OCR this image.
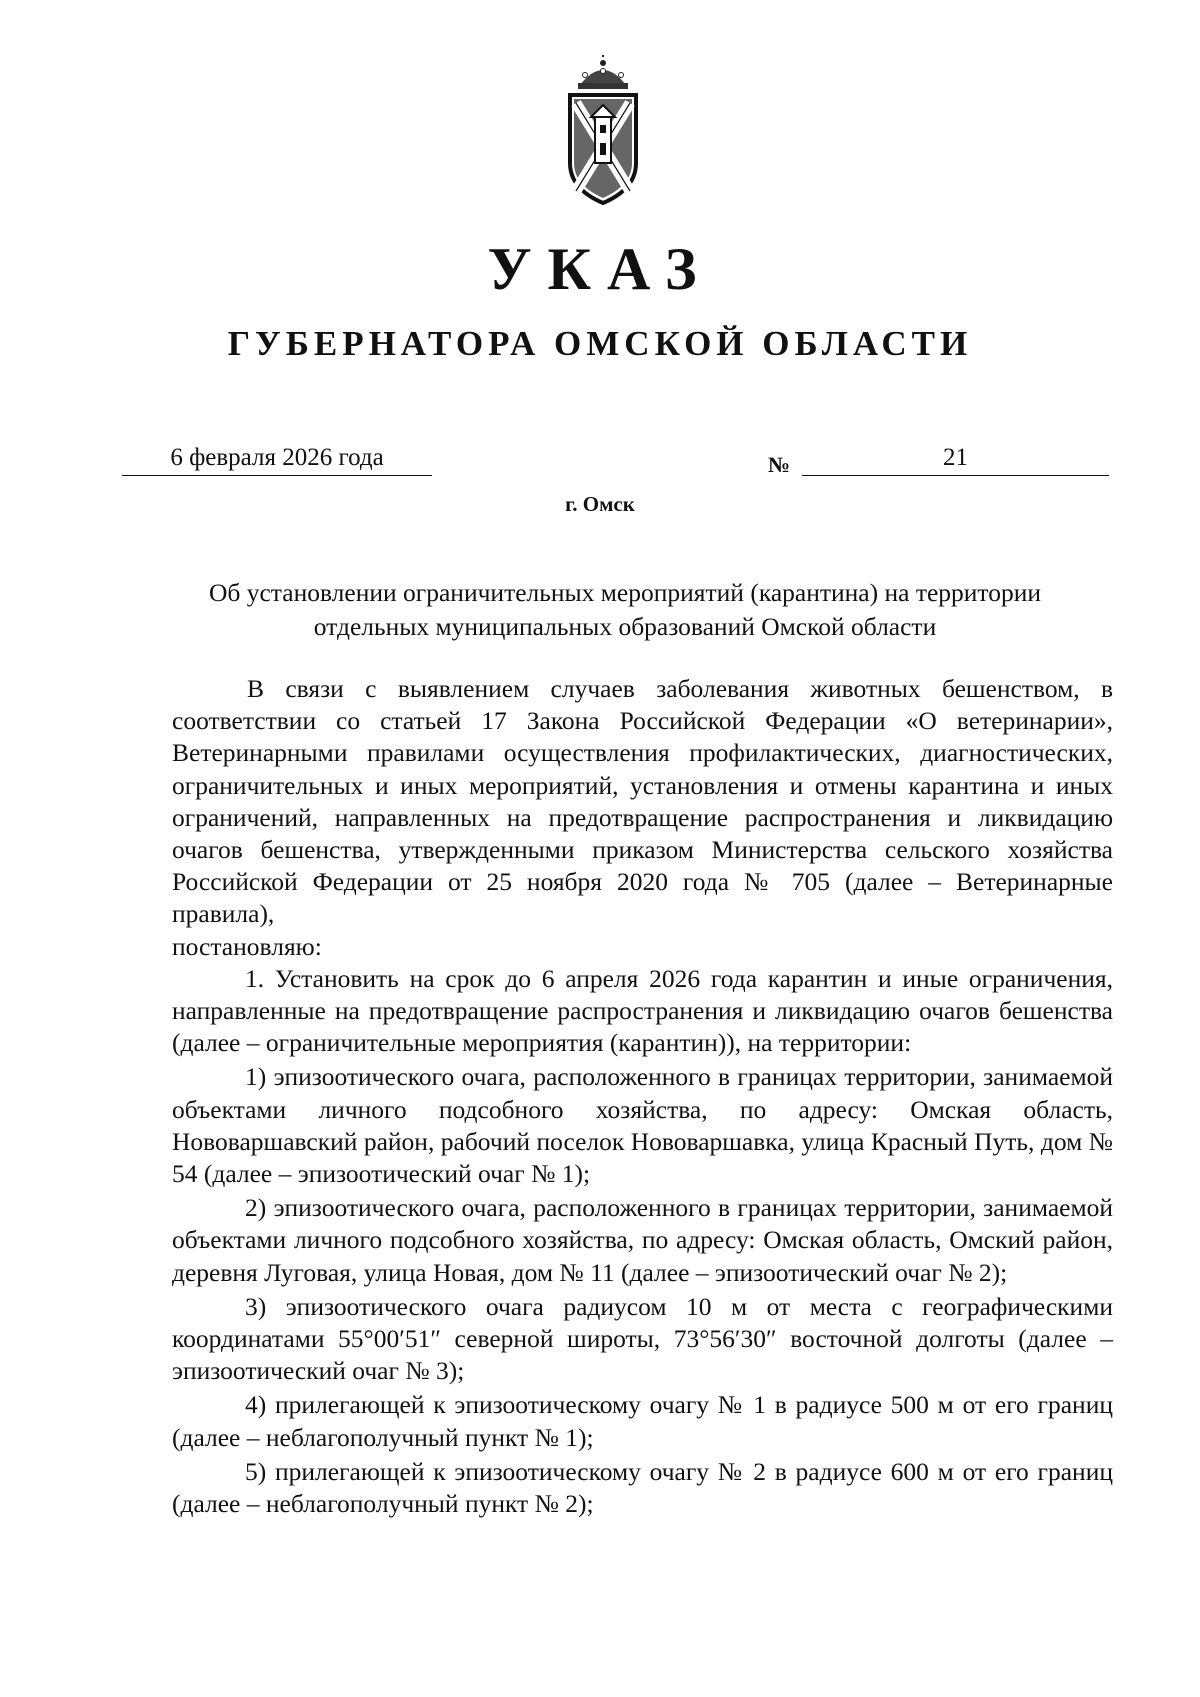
УКАЗ
ГУБЕРНАТОРА ОМСКОЙ ОБЛАСТИ
6 февраля 2026 года	№	21
г. Омск
Об установлении ограничительных мероприятий (карантина) на территории
отдельных муниципальных образований Омской области

В связи с выявлением случаев заболевания животных бешенством, в соответствии со статьей 17 Закона Российской Федерации «О ветеринарии», Ветеринарными правилами осуществления профилактических, диагностических, ограничительных и иных мероприятий, установления и отмены карантина и иных ограничений, направленных на предотвращение распространения и ликвидацию очагов бешенства, утвержденными приказом Министерства сельского хозяйства Российской Федерации от 25 ноября 2020 года № 705 (далее – Ветеринарные правила),

постановляю:

1. Установить на срок до 6 апреля 2026 года карантин и иные ограничения, направленные на предотвращение распространения и ликвидацию очагов бешенства (далее – ограничительные мероприятия (карантин)), на территории:

1) эпизоотического очага, расположенного в границах территории, занимаемой объектами личного подсобного хозяйства, по адресу: Омская область, Нововаршавский район, рабочий поселок Нововаршавка, улица Красный Путь, дом № 54 (далее – эпизоотический очаг № 1);

2) эпизоотического очага, расположенного в границах территории, занимаемой объектами личного подсобного хозяйства, по адресу: Омская область, Омский район, деревня Луговая, улица Новая, дом № 11 (далее – эпизоотический очаг № 2);

3) эпизоотического очага радиусом 10 м от места с географическими координатами 55°00′51″ северной широты, 73°56′30″ восточной долготы (далее – эпизоотический очаг № 3);

4) прилегающей к эпизоотическому очагу № 1 в радиусе 500 м от его границ (далее – неблагополучный пункт № 1);

5) прилегающей к эпизоотическому очагу № 2 в радиусе 600 м от его границ (далее – неблагополучный пункт № 2);
